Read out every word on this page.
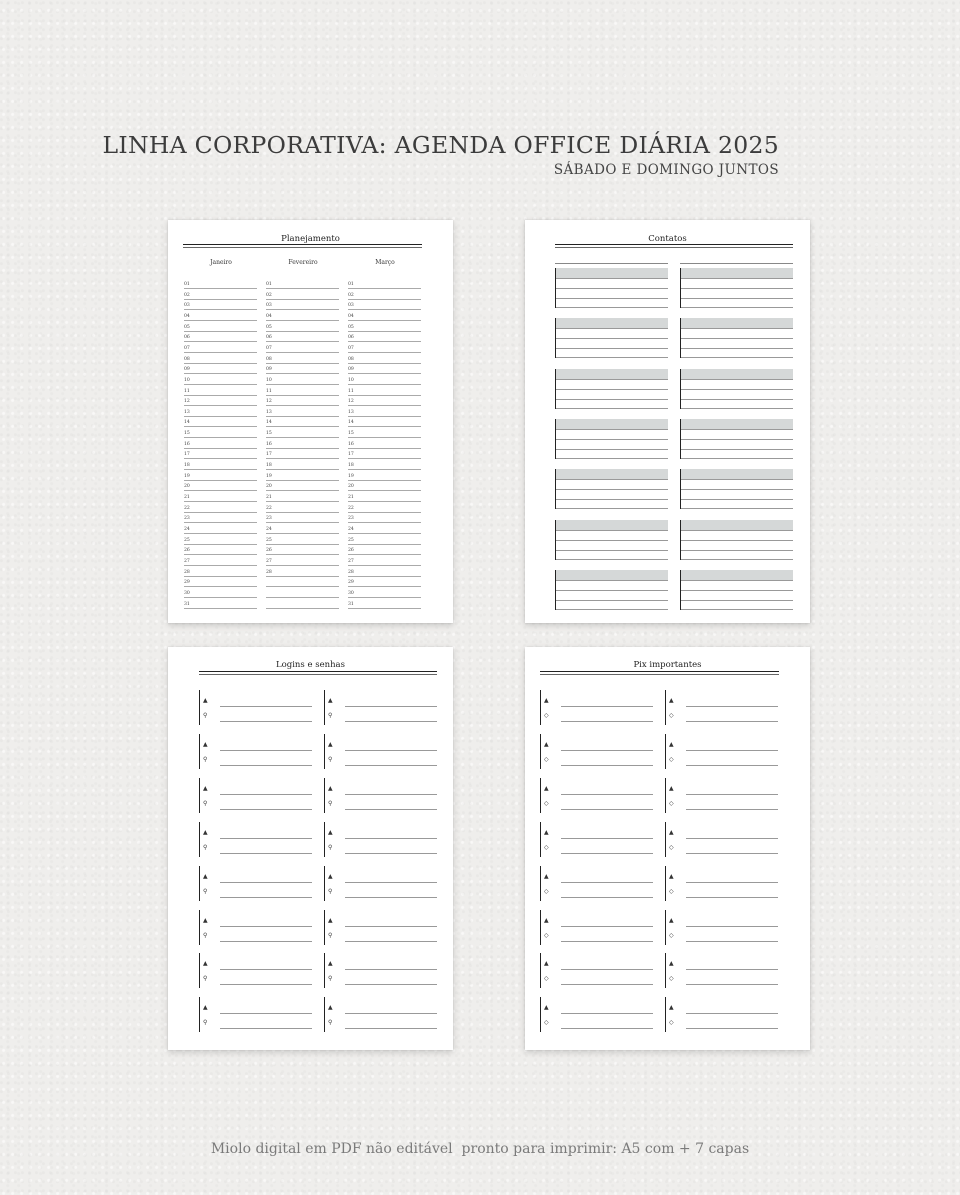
LINHA CORPORATIVA: AGENDA OFFICE DIÁRIA 2025
SÁBADO E DOMINGO JUNTOS
Planejamento
Janeiro
01
02
03
04
05
06
07
08
09
10
11
12
13
14
15
16
17
18
19
20
21
22
23
24
25
26
27
28
29
30
31
Fevereiro
01
02
03
04
05
06
07
08
09
10
11
12
13
14
15
16
17
18
19
20
21
22
23
24
25
26
27
28
Março
01
02
03
04
05
06
07
08
09
10
11
12
13
14
15
16
17
18
19
20
21
22
23
24
25
26
27
28
29
30
31
Contatos
Logins e senhas
▲
⚲
▲
⚲
▲
⚲
▲
⚲
▲
⚲
▲
⚲
▲
⚲
▲
⚲
▲
⚲
▲
⚲
▲
⚲
▲
⚲
▲
⚲
▲
⚲
▲
⚲
▲
⚲
Pix importantes
▲
◇
▲
◇
▲
◇
▲
◇
▲
◇
▲
◇
▲
◇
▲
◇
▲
◇
▲
◇
▲
◇
▲
◇
▲
◇
▲
◇
▲
◇
▲
◇
Miolo digital em PDF não editável  pronto para imprimir: A5 com + 7 capas
